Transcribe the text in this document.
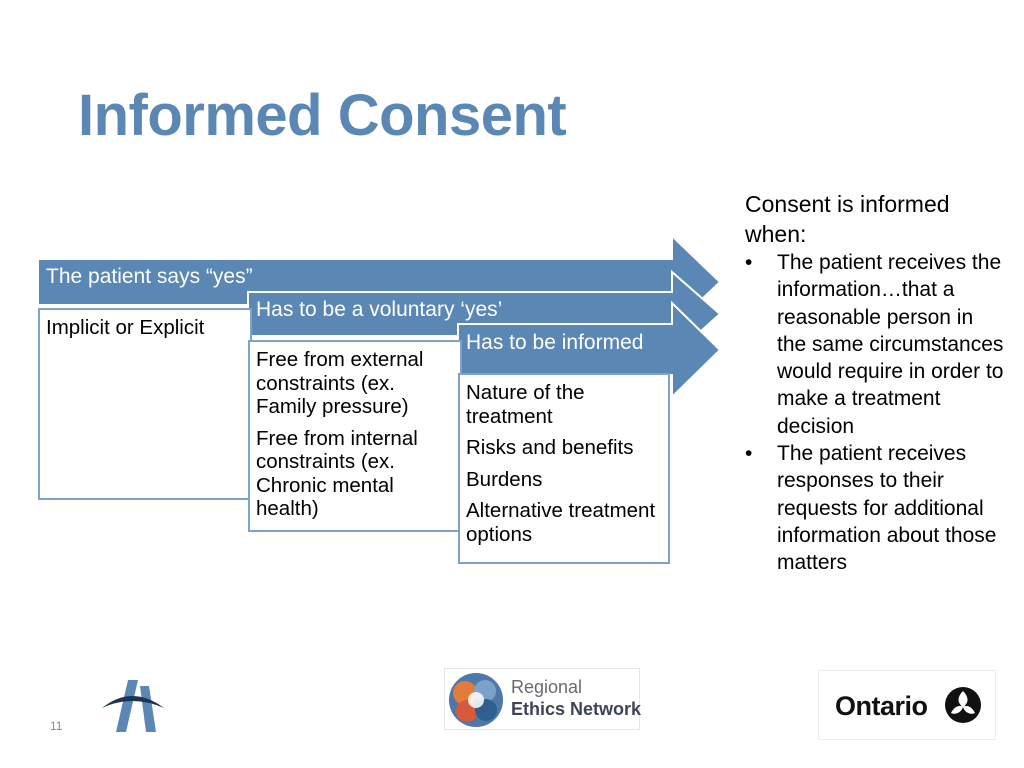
Informed Consent
The patient says “yes”

Implicit or Explicit

Has to be a voluntary ‘yes’

Free from external constraints (ex. Family pressure)

Free from internal constraints (ex. Chronic mental health)

Has to be informed

Nature of the treatment

Risks and benefits

Burdens

Alternative treatment options

Consent is informed when:
•	The patient receives the information…that a reasonable person in the same circumstances would require in order to make a treatment decision
•	The patient receives responses to their requests for additional information about those matters
11
Regional
Ethics Network	Ontario
